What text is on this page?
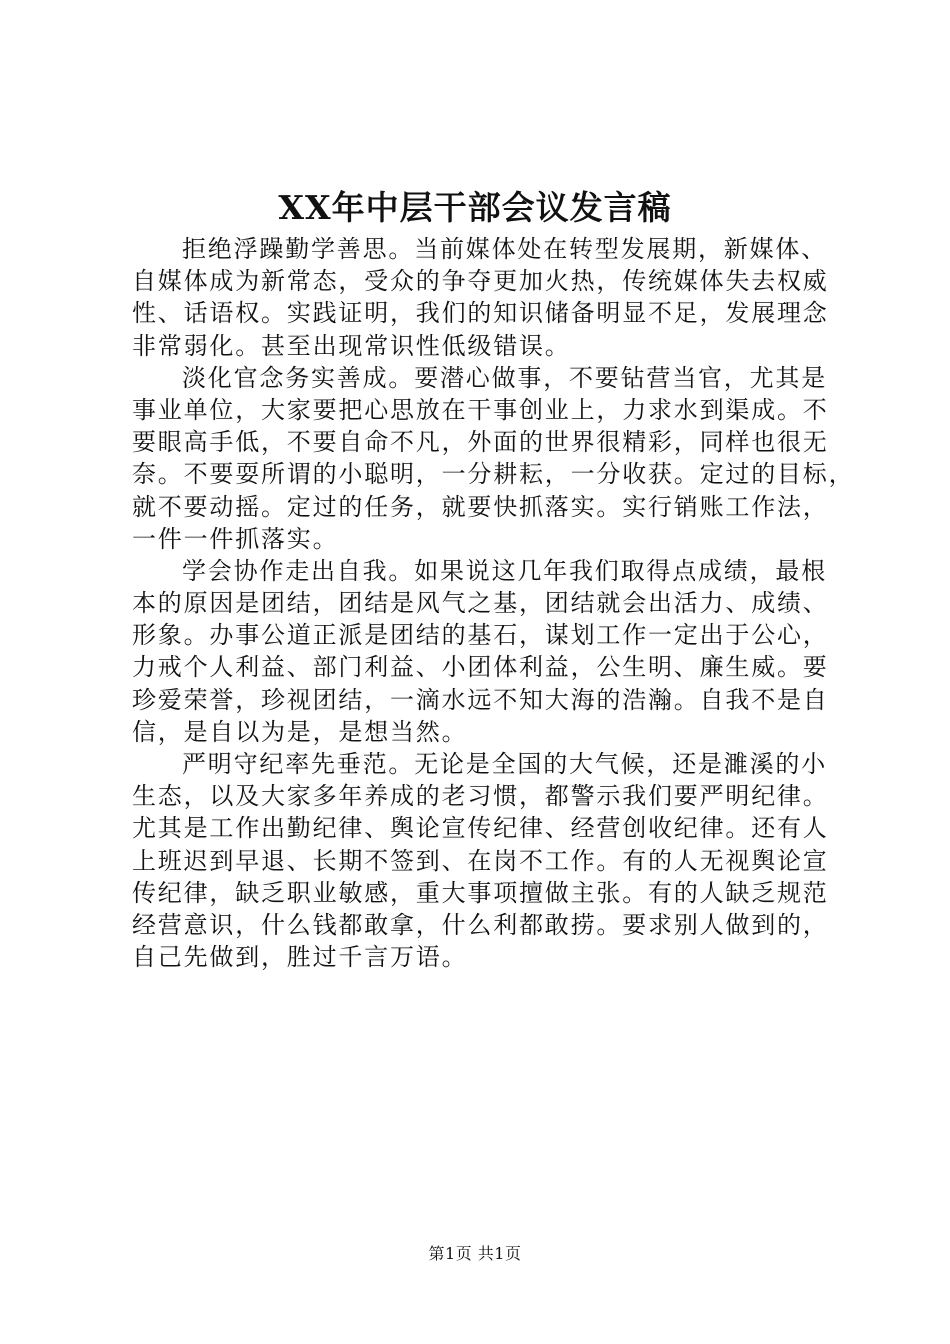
XX年中层干部会议发言稿
拒绝浮躁勤学善思。当前媒体处在转型发展期，新媒体、
自媒体成为新常态，受众的争夺更加火热，传统媒体失去权威
性、话语权。实践证明，我们的知识储备明显不足，发展理念
非常弱化。甚至出现常识性低级错误。
淡化官念务实善成。要潜心做事，不要钻营当官，尤其是
事业单位，大家要把心思放在干事创业上，力求水到渠成。不
要眼高手低，不要自命不凡，外面的世界很精彩，同样也很无
奈。不要耍所谓的小聪明，一分耕耘，一分收获。定过的目标，
就不要动摇。定过的任务，就要快抓落实。实行销账工作法，
一件一件抓落实。
学会协作走出自我。如果说这几年我们取得点成绩，最根
本的原因是团结，团结是风气之基，团结就会出活力、成绩、
形象。办事公道正派是团结的基石，谋划工作一定出于公心，
力戒个人利益、部门利益、小团体利益，公生明、廉生威。要
珍爱荣誉，珍视团结，一滴水远不知大海的浩瀚。自我不是自
信，是自以为是，是想当然。
严明守纪率先垂范。无论是全国的大气候，还是濉溪的小
生态，以及大家多年养成的老习惯，都警示我们要严明纪律。
尤其是工作出勤纪律、舆论宣传纪律、经营创收纪律。还有人
上班迟到早退、长期不签到、在岗不工作。有的人无视舆论宣
传纪律，缺乏职业敏感，重大事项擅做主张。有的人缺乏规范
经营意识，什么钱都敢拿，什么利都敢捞。要求别人做到的，
自己先做到，胜过千言万语。
第1页 共1页
